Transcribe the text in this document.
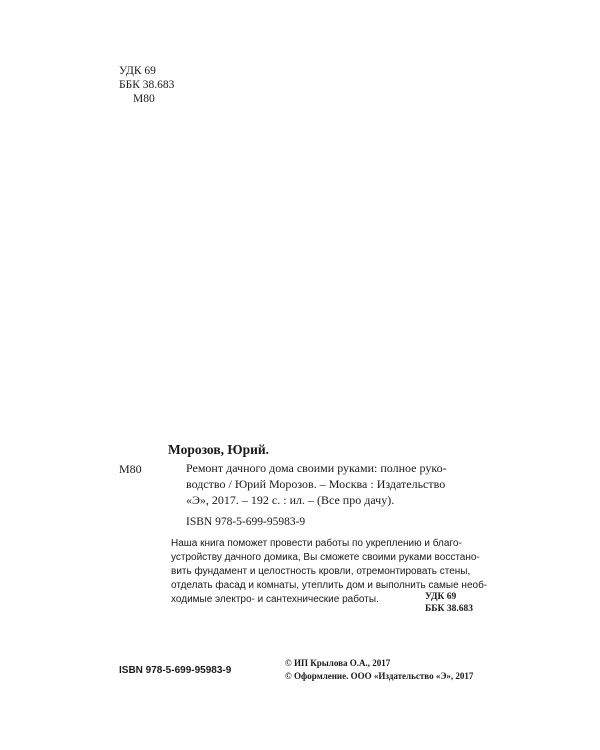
УДК 69
ББК 38.683
М80
Морозов, Юрий.
М80	Ремонт дачного дома своими руками: полное руко-
водство / Юрий Морозов. – Москва : Издательство
«Э», 2017. – 192 с. : ил. – (Все про дачу).
ISBN 978-5-699-95983-9
Наша книга поможет провести работы по укреплению и благо-
устройству дачного домика, Вы сможете своими руками восстано-
вить фундамент и целостность кровли, отремонтировать стены,
отделать фасад и комнаты, утеплить дом и выполнить самые необ-
ходимые электро- и сантехнические работы.	УДК 69
ББК 38.683
ISBN 978-5-699-95983-9
© ИП Крылова О.А., 2017
© Оформление. ООО «Издательство «Э», 2017
